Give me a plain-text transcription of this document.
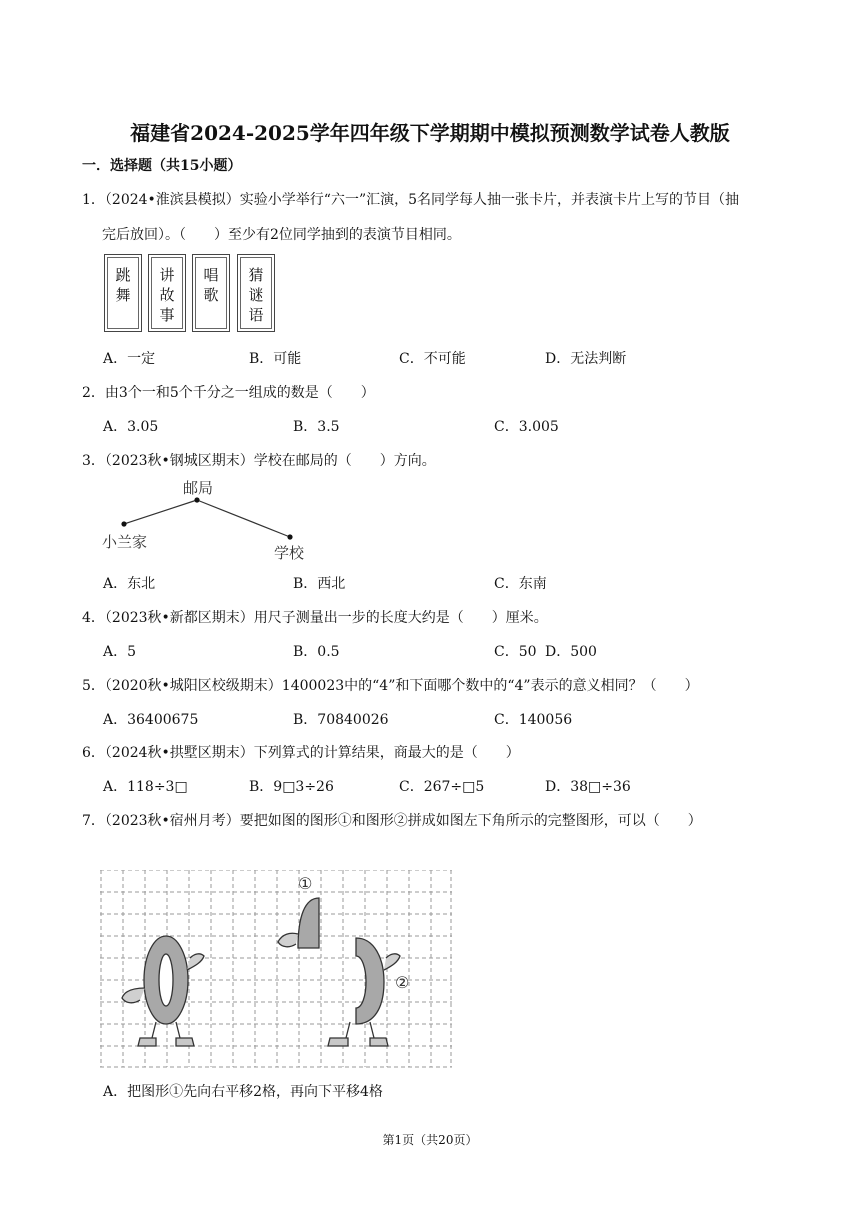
福建省2024-2025学年四年级下学期期中模拟预测数学试卷人教版
一．选择题（共15小题）
1．（2024•淮滨县模拟）实验小学举行“六一”汇演，5名同学每人抽一张卡片，并表演卡片上写的节目（抽
完后放回）。（　　）至少有2位同学抽到的表演节目相同。
跳舞
讲故事
唱歌
猜谜语
A．一定	B．可能	C．不可能	D．无法判断
2．由3个一和5个千分之一组成的数是（　　）
A．3.05	B．3.5	C．3.005
3．（2023秋•钢城区期末）学校在邮局的（　　）方向。
邮局
小兰家
学校
A．东北	B．西北	C．东南
4．（2023秋•新都区期末）用尺子测量出一步的长度大约是（　　）厘米。
A．5	B．0.5	C．50 D．500
5．（2020秋•城阳区校级期末）1400023中的“4”和下面哪个数中的“4”表示的意义相同？（　　）
A．36400675	B．70840026	C．140056
6．（2024秋•拱墅区期末）下列算式的计算结果，商最大的是（　　）
A．118÷3□	B．9□3÷26	C．267÷□5	D．38□÷36
7．（2023秋•宿州月考）要把如图的图形①和图形②拼成如图左下角所示的完整图形，可以（　　）
①
②
A．把图形①先向右平移2格，再向下平移4格
第1页（共20页）
